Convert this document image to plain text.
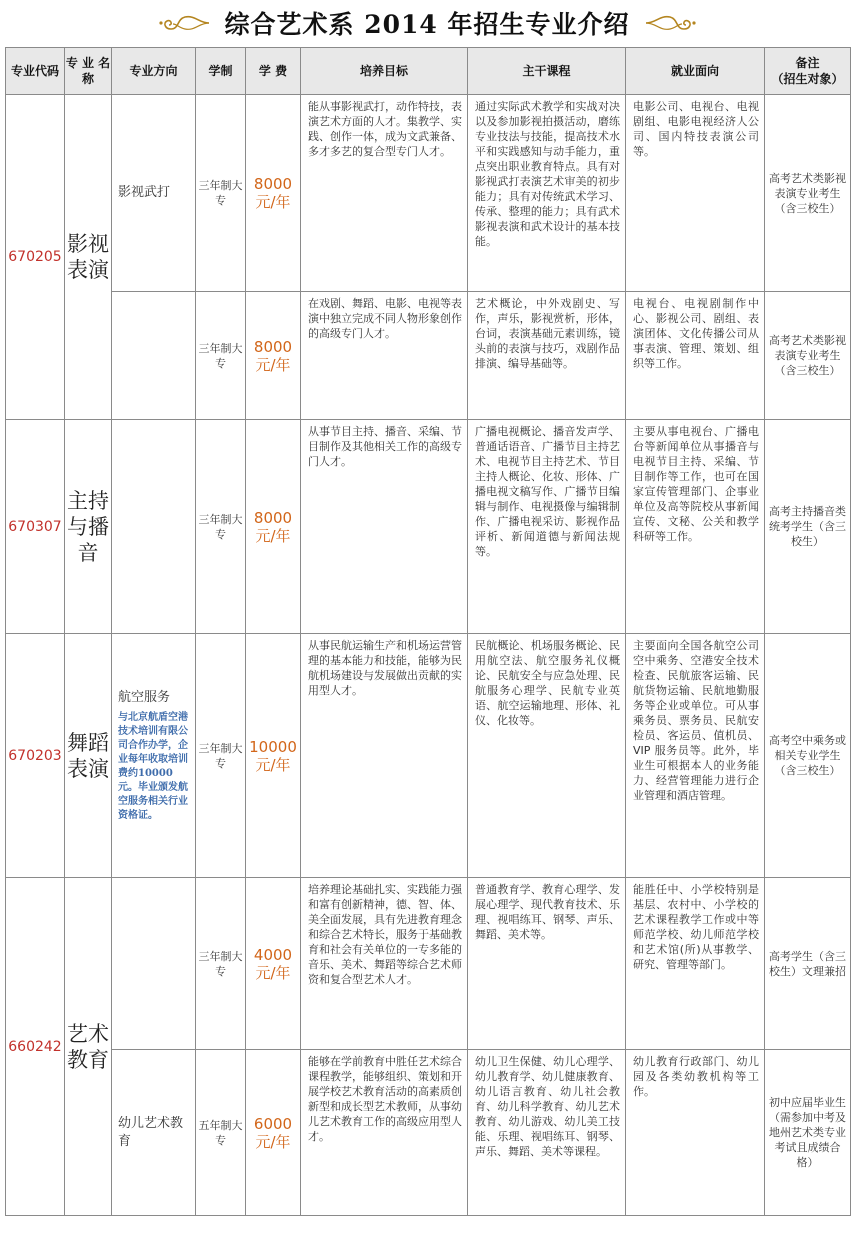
综合艺术系 2014 年招生专业介绍
专业代码	专 业 名 称	专业方向	学制	学 费	培养目标	主干课程	就业面向	备注
（招生对象）

670205	影视表演	影视武打	三年制大专	8000元/年	能从事影视武打，动作特技，表演艺术方面的人才。集教学、实践、创作一体，成为文武兼备、多才多艺的复合型专门人才。	通过实际武术教学和实战对决以及参加影视拍摄活动，磨练专业技法与技能，提高技术水平和实践感知与动手能力，重点突出职业教育特点。具有对影视武打表演艺术审美的初步能力；具有对传统武术学习、传承、整理的能力；具有武术影视表演和武术设计的基本技能。	电影公司、电视台、电视剧组、电影电视经济人公司、国内特技表演公司等。	高考艺术类影视表演专业考生（含三校生）
			三年制大专	8000元/年	在戏剧、舞蹈、电影、电视等表演中独立完成不同人物形象创作的高级专门人才。	艺术概论，中外戏剧史、写作，声乐，影视赏析，形体，台词，表演基础元素训练，镜头前的表演与技巧，戏剧作品排演、编导基础等。	电视台、电视剧制作中心、影视公司、剧组、表演团体、文化传播公司从事表演、管理、策划、组织等工作。	高考艺术类影视表演专业考生（含三校生）
670307	主持与播音		三年制大专	8000元/年	从事节目主持、播音、采编、节目制作及其他相关工作的高级专门人才。	广播电视概论、播音发声学、普通话语音、广播节目主持艺术、电视节目主持艺术、节目主持人概论、化妆、形体、广播电视文稿写作、广播节目编辑与制作、电视摄像与编辑制作、广播电视采访、影视作品评析、新闻道德与新闻法规等。	主要从事电视台、广播电台等新闻单位从事播音与电视节目主持、采编、节目制作等工作，也可在国家宣传管理部门、企事业单位及高等院校从事新闻宣传、文秘、公关和教学科研等工作。	高考主持播音类统考学生（含三校生）
670203	舞蹈表演	航空服务
与北京航盾空港技术培训有限公司合作办学，企业每年收取培训费约10000元。毕业颁发航空服务相关行业资格证。	三年制大专	10000元/年	从事民航运输生产和机场运营管理的基本能力和技能，能够为民航机场建设与发展做出贡献的实用型人才。	民航概论、机场服务概论、民用航空法、航空服务礼仪概论、民航安全与应急处理、民航服务心理学、民航专业英语、航空运输地理、形体、礼仪、化妆等。	主要面向全国各航空公司空中乘务、空港安全技术检查、民航旅客运输、民航货物运输、民航地勤服务等企业或单位。可从事乘务员、票务员、民航安检员、客运员、值机员、VIP 服务员等。此外，毕业生可根据本人的业务能力、经营管理能力进行企业管理和酒店管理。	高考空中乘务或相关专业学生（含三校生）
660242	艺术教育		三年制大专	4000元/年	培养理论基础扎实、实践能力强和富有创新精神，德、智、体、美全面发展，具有先进教育理念和综合艺术特长，服务于基础教育和社会有关单位的一专多能的音乐、美术、舞蹈等综合艺术师资和复合型艺术人才。	普通教育学、教育心理学、发展心理学、现代教育技术、乐理、视唱练耳、钢琴、声乐、舞蹈、美术等。	能胜任中、小学校特别是基层、农村中、小学校的艺术课程教学工作或中等师范学校、幼儿师范学校和艺术馆(所)从事教学、研究、管理等部门。	高考学生（含三校生）文理兼招
		幼儿艺术教育	五年制大专	6000元/年	能够在学前教育中胜任艺术综合课程教学，能够组织、策划和开展学校艺术教育活动的高素质创新型和成长型艺术教师，从事幼儿艺术教育工作的高级应用型人才。	幼儿卫生保健、幼儿心理学、幼儿教育学、幼儿健康教育、幼儿语言教育、幼儿社会教育、幼儿科学教育、幼儿艺术教育、幼儿游戏、幼儿美工技能、乐理、视唱练耳、钢琴、声乐、舞蹈、美术等课程。	幼儿教育行政部门、幼儿园及各类幼教机构等工作。	初中应届毕业生（需参加中考及地州艺术类专业考试且成绩合格）
